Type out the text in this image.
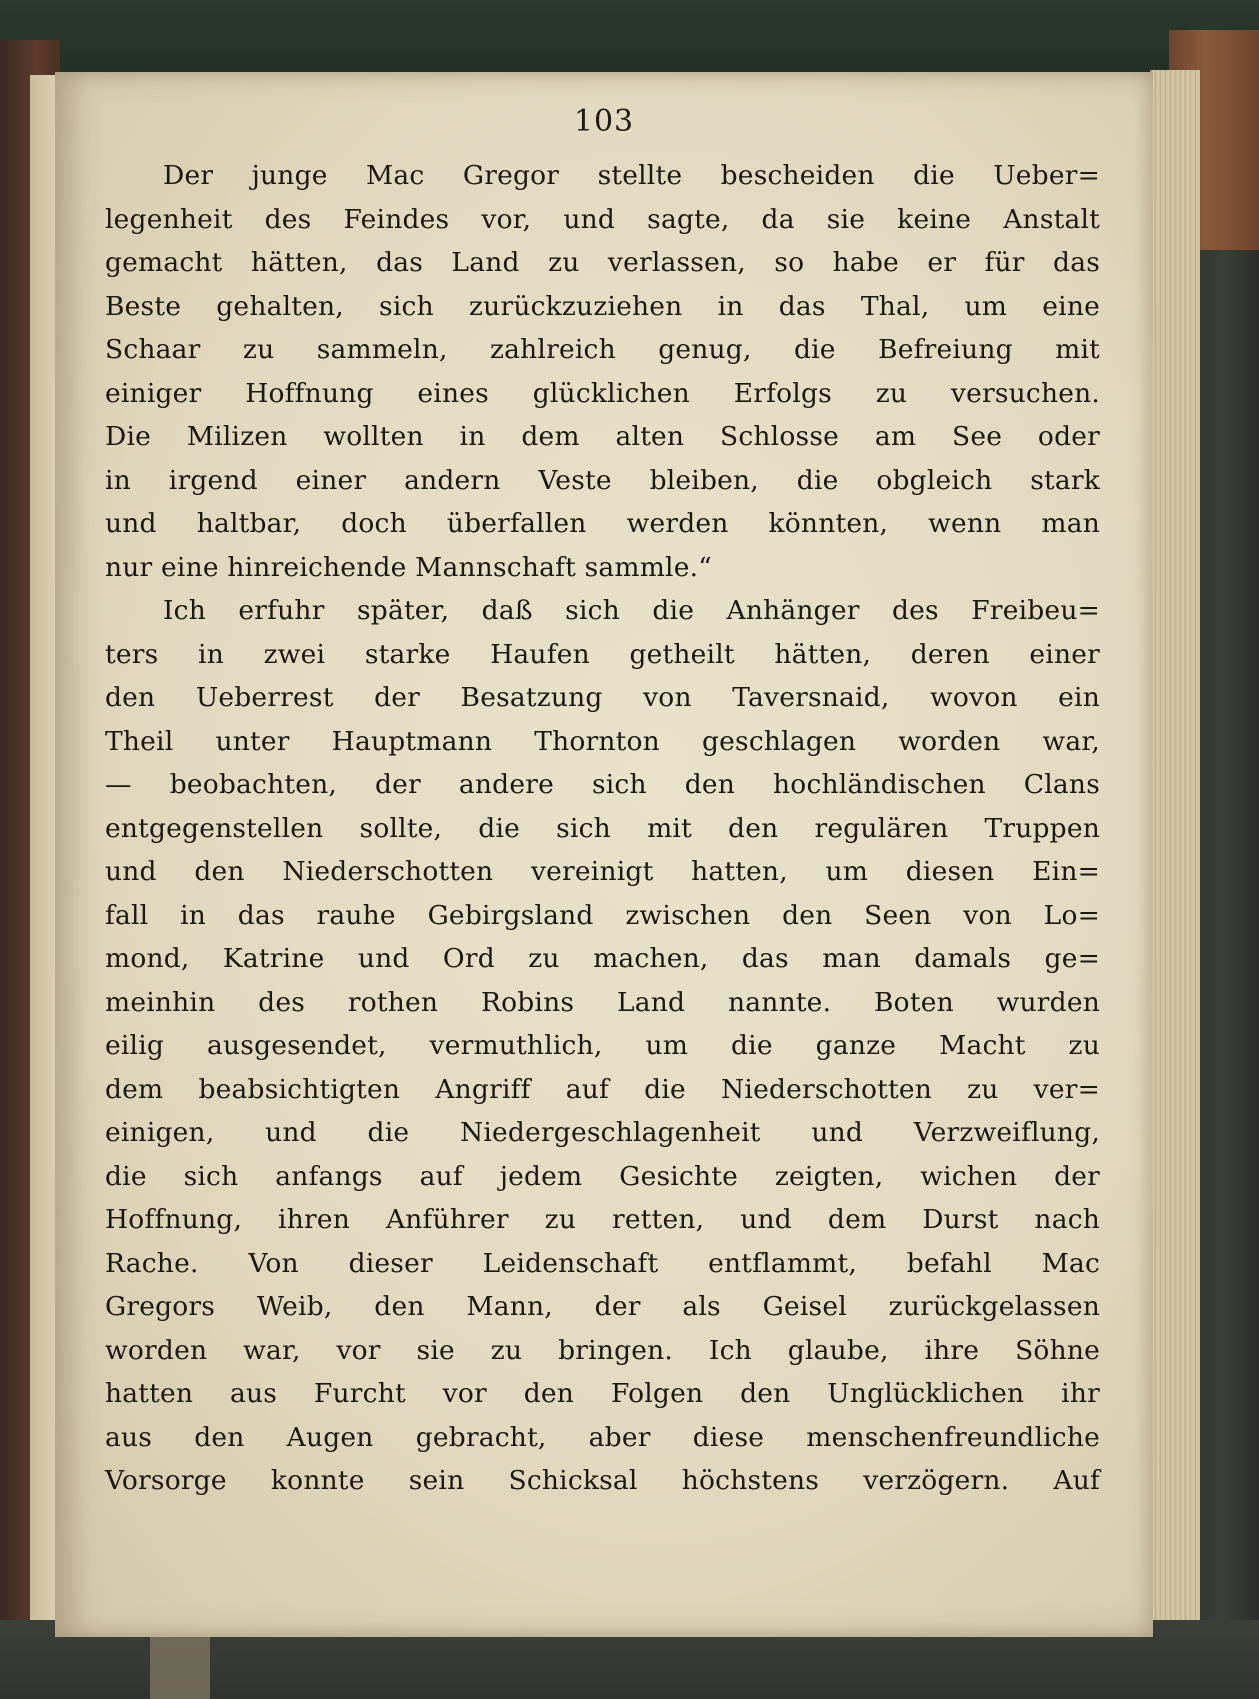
103
Der junge Mac Gregor stellte bescheiden die Ueber=
legenheit des Feindes vor, und sagte, da sie keine Anstalt
gemacht hätten, das Land zu verlassen, so habe er für das
Beste gehalten, sich zurückzuziehen in das Thal, um eine
Schaar zu sammeln, zahlreich genug, die Befreiung mit
einiger Hoffnung eines glücklichen Erfolgs zu versuchen.
Die Milizen wollten in dem alten Schlosse am See oder
in irgend einer andern Veste bleiben, die obgleich stark
und haltbar, doch überfallen werden könnten, wenn man
nur eine hinreichende Mannschaft sammle.“
Ich erfuhr später, daß sich die Anhänger des Freibeu=
ters in zwei starke Haufen getheilt hätten, deren einer
den Ueberrest der Besatzung von Taversnaid, wovon ein
Theil unter Hauptmann Thornton geschlagen worden war,
— beobachten, der andere sich den hochländischen Clans
entgegenstellen sollte, die sich mit den regulären Truppen
und den Niederschotten vereinigt hatten, um diesen Ein=
fall in das rauhe Gebirgsland zwischen den Seen von Lo=
mond, Katrine und Ord zu machen, das man damals ge=
meinhin des rothen Robins Land nannte. Boten wurden
eilig ausgesendet, vermuthlich, um die ganze Macht zu
dem beabsichtigten Angriff auf die Niederschotten zu ver=
einigen, und die Niedergeschlagenheit und Verzweiflung,
die sich anfangs auf jedem Gesichte zeigten, wichen der
Hoffnung, ihren Anführer zu retten, und dem Durst nach
Rache. Von dieser Leidenschaft entflammt, befahl Mac
Gregors Weib, den Mann, der als Geisel zurückgelassen
worden war, vor sie zu bringen. Ich glaube, ihre Söhne
hatten aus Furcht vor den Folgen den Unglücklichen ihr
aus den Augen gebracht, aber diese menschenfreundliche
Vorsorge konnte sein Schicksal höchstens verzögern. Auf
